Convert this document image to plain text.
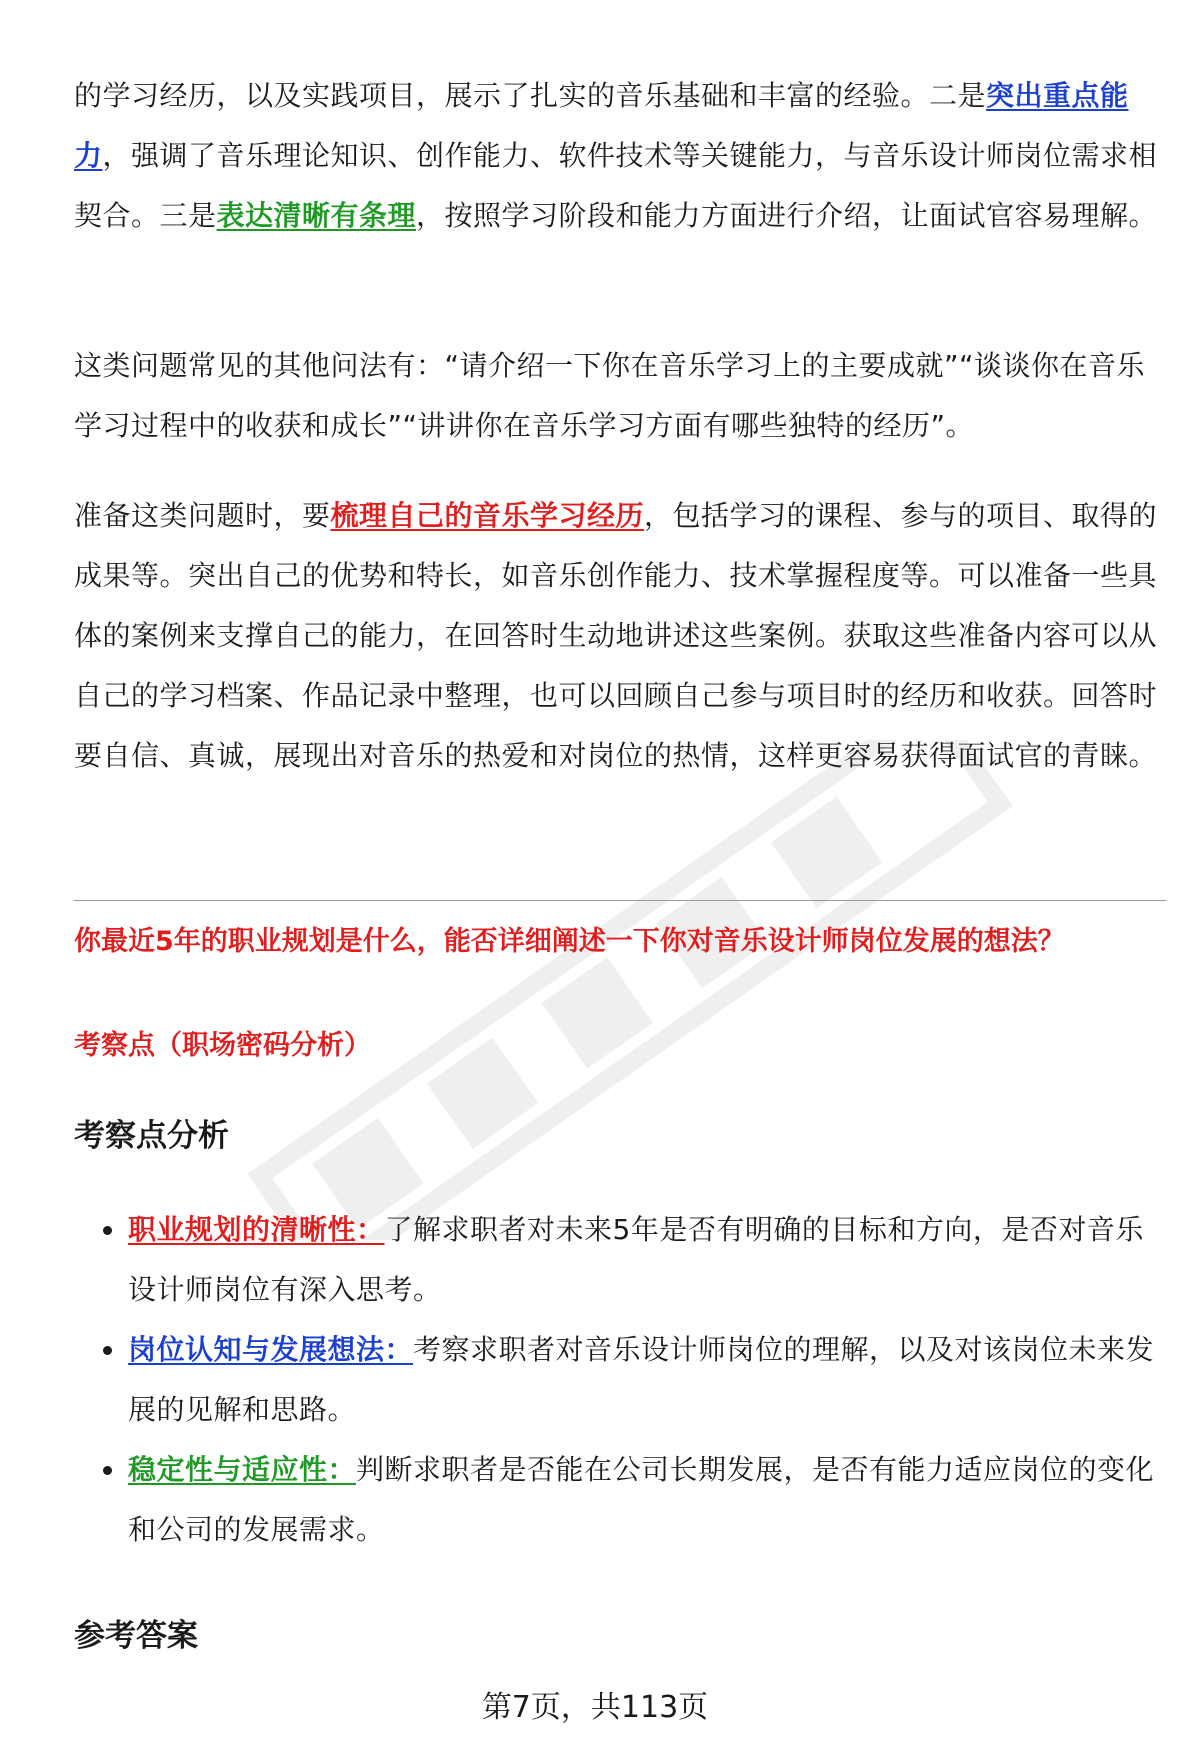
的学习经历，以及实践项目，展示了扎实的音乐基础和丰富的经验。二是突出重点能力，强调了音乐理论知识、创作能力、软件技术等关键能力，与音乐设计师岗位需求相契合。三是表达清晰有条理，按照学习阶段和能力方面进行介绍，让面试官容易理解。

这类问题常见的其他问法有：“请介绍一下你在音乐学习上的主要成就”“谈谈你在音乐学习过程中的收获和成长”“讲讲你在音乐学习方面有哪些独特的经历”。

准备这类问题时，要梳理自己的音乐学习经历，包括学习的课程、参与的项目、取得的成果等。突出自己的优势和特长，如音乐创作能力、技术掌握程度等。可以准备一些具体的案例来支撑自己的能力，在回答时生动地讲述这些案例。获取这些准备内容可以从自己的学习档案、作品记录中整理，也可以回顾自己参与项目时的经历和收获。回答时要自信、真诚，展现出对音乐的热爱和对岗位的热情，这样更容易获得面试官的青睐。

你最近5年的职业规划是什么，能否详细阐述一下你对音乐设计师岗位发展的想法？

考察点（职场密码分析）

考察点分析
职业规划的清晰性：了解求职者对未来5年是否有明确的目标和方向，是否对音乐设计师岗位有深入思考。
岗位认知与发展想法：考察求职者对音乐设计师岗位的理解，以及对该岗位未来发展的见解和思路。
稳定性与适应性：判断求职者是否能在公司长期发展，是否有能力适应岗位的变化和公司的发展需求。
参考答案
第7页，共113页
